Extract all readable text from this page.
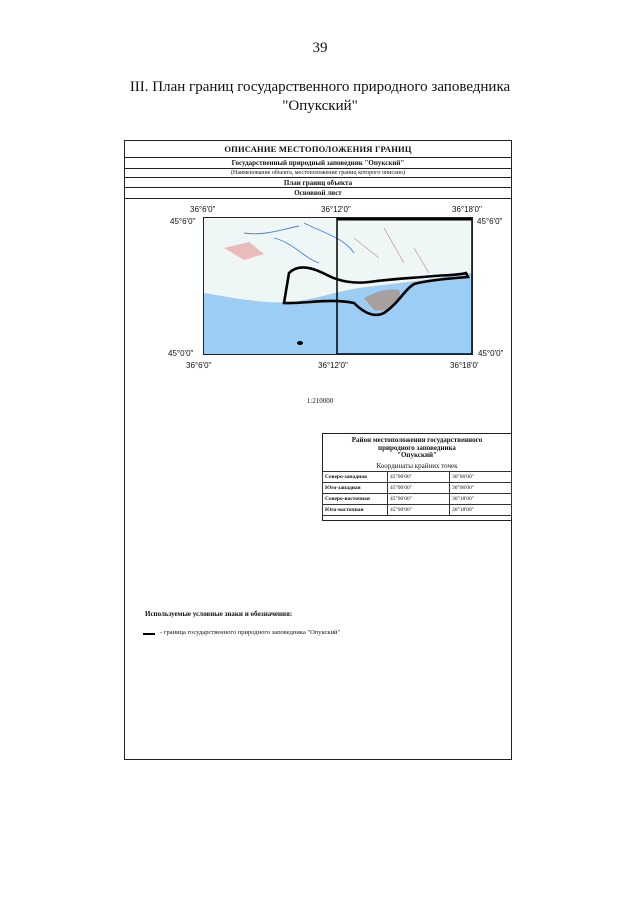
39
III. План границ государственного природного заповедника
"Опукский"
ОПИСАНИЕ МЕСТОПОЛОЖЕНИЯ ГРАНИЦ
Государственный природный заповедник "Опукский"
(Наименование объекта, местоположение границ которого описано)
План границ объекта
Основной лист
36°6'0"	36°12'0"	36°18'0"
45°6'0"	45°6'0"
45°0'0"	45°0'0"
36°6'0"	36°12'0"	36°18'0'
1:210000
Район местоположения государственного
природного заповедника
"Опукский"
Координаты крайних точек
Северо-западная	45°06'00"	36°06'00"
Юго-западная	45°00'00"	36°06'00"
Северо-восточная	45°06'00"	36°18'00"
Юго-восточная	45°00'00"	36°18'00"
Используемые условные знаки и обозначения:
- граница государственного природного заповедника "Опукский"
